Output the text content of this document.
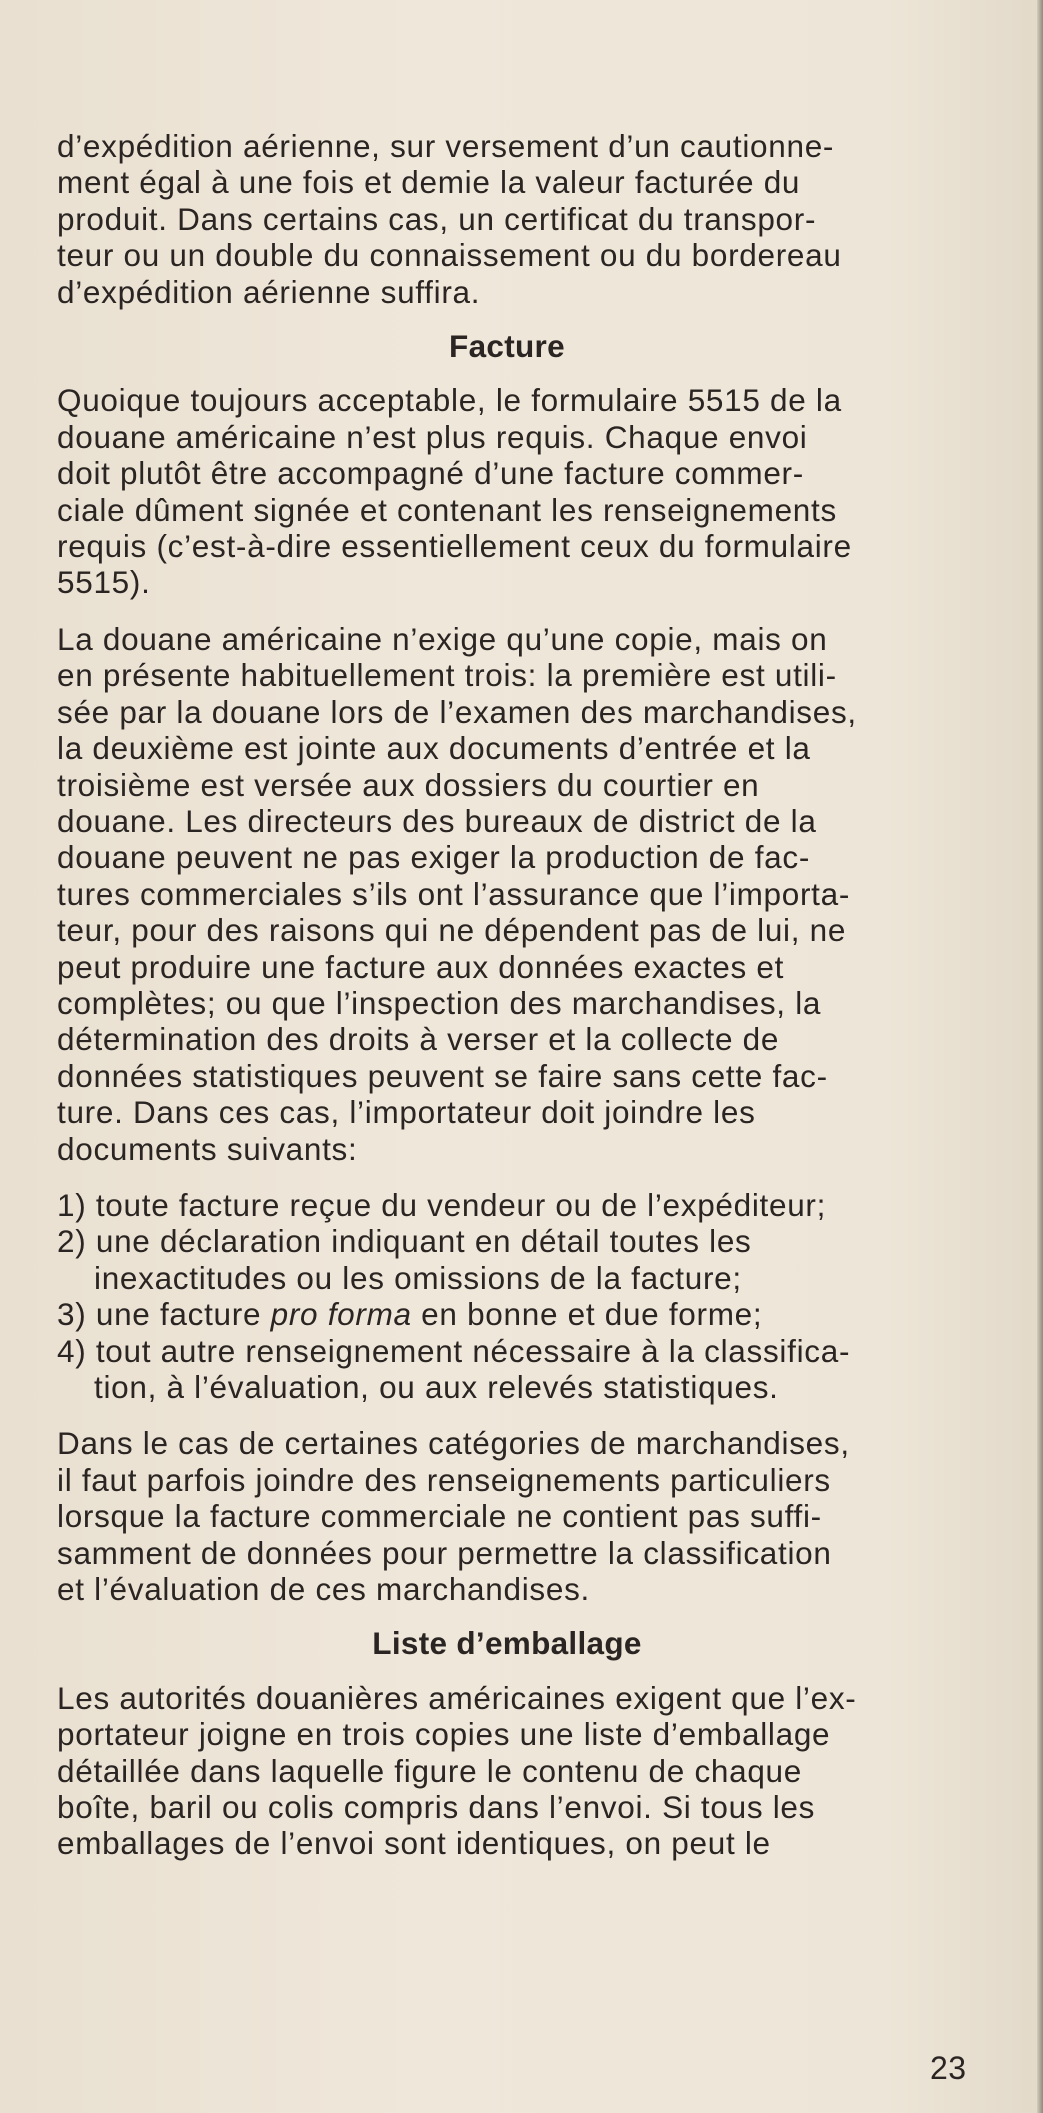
d’expédition aérienne, sur versement d’un cautionne-
ment égal à une fois et demie la valeur facturée du
produit. Dans certains cas, un certificat du transpor-
teur ou un double du connaissement ou du bordereau
d’expédition aérienne suffira.

Facture

Quoique toujours acceptable, le formulaire 5515 de la
douane américaine n’est plus requis. Chaque envoi
doit plutôt être accompagné d’une facture commer-
ciale dûment signée et contenant les renseignements
requis (c’est-à-dire essentiellement ceux du formulaire
5515).

La douane américaine n’exige qu’une copie, mais on
en présente habituellement trois: la première est utili-
sée par la douane lors de l’examen des marchandises,
la deuxième est jointe aux documents d’entrée et la
troisième est versée aux dossiers du courtier en
douane. Les directeurs des bureaux de district de la
douane peuvent ne pas exiger la production de fac-
tures commerciales s’ils ont l’assurance que l’importa-
teur, pour des raisons qui ne dépendent pas de lui, ne
peut produire une facture aux données exactes et
complètes; ou que l’inspection des marchandises, la
détermination des droits à verser et la collecte de
données statistiques peuvent se faire sans cette fac-
ture. Dans ces cas, l’importateur doit joindre les
documents suivants:

1) toute facture reçue du vendeur ou de l’expéditeur;
2) une déclaration indiquant en détail toutes les
inexactitudes ou les omissions de la facture;
3) une facture pro forma en bonne et due forme;
4) tout autre renseignement nécessaire à la classifica-
tion, à l’évaluation, ou aux relevés statistiques.

Dans le cas de certaines catégories de marchandises,
il faut parfois joindre des renseignements particuliers
lorsque la facture commerciale ne contient pas suffi-
samment de données pour permettre la classification
et l’évaluation de ces marchandises.

Liste d’emballage

Les autorités douanières américaines exigent que l’ex-
portateur joigne en trois copies une liste d’emballage
détaillée dans laquelle figure le contenu de chaque
boîte, baril ou colis compris dans l’envoi. Si tous les
emballages de l’envoi sont identiques, on peut le

23
